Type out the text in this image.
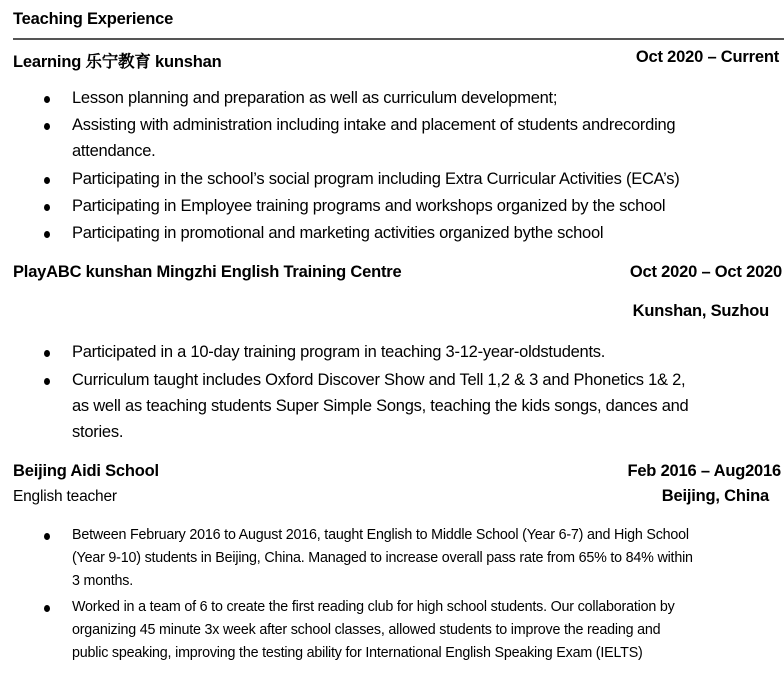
Teaching Experience
Learning 乐宁教育 kunshan	Oct 2020 – Current
Lesson planning and preparation as well as curriculum development;
Assisting with administration including intake and placement of students andrecording
attendance.
Participating in the school’s social program including Extra Curricular Activities (ECA’s)
Participating in Employee training programs and workshops organized by the school
Participating in promotional and marketing activities organized bythe school
PlayABC kunshan Mingzhi English Training Centre	Oct 2020 – Oct 2020
Kunshan, Suzhou
Participated in a 10-day training program in teaching 3-12-year-oldstudents.
Curriculum taught includes Oxford Discover Show and Tell 1,2 & 3 and Phonetics 1& 2,
as well as teaching students Super Simple Songs, teaching the kids songs, dances and
stories.
Beijing Aidi School	Feb 2016 – Aug2016
English teacher	Beijing, China
Between February 2016 to August 2016, taught English to Middle School (Year 6-7) and High School
(Year 9-10) students in Beijing, China. Managed to increase overall pass rate from 65% to 84% within
3 months.
Worked in a team of 6 to create the first reading club for high school students. Our collaboration by
organizing 45 minute 3x week after school classes, allowed students to improve the reading and
public speaking, improving the testing ability for International English Speaking Exam (IELTS)
